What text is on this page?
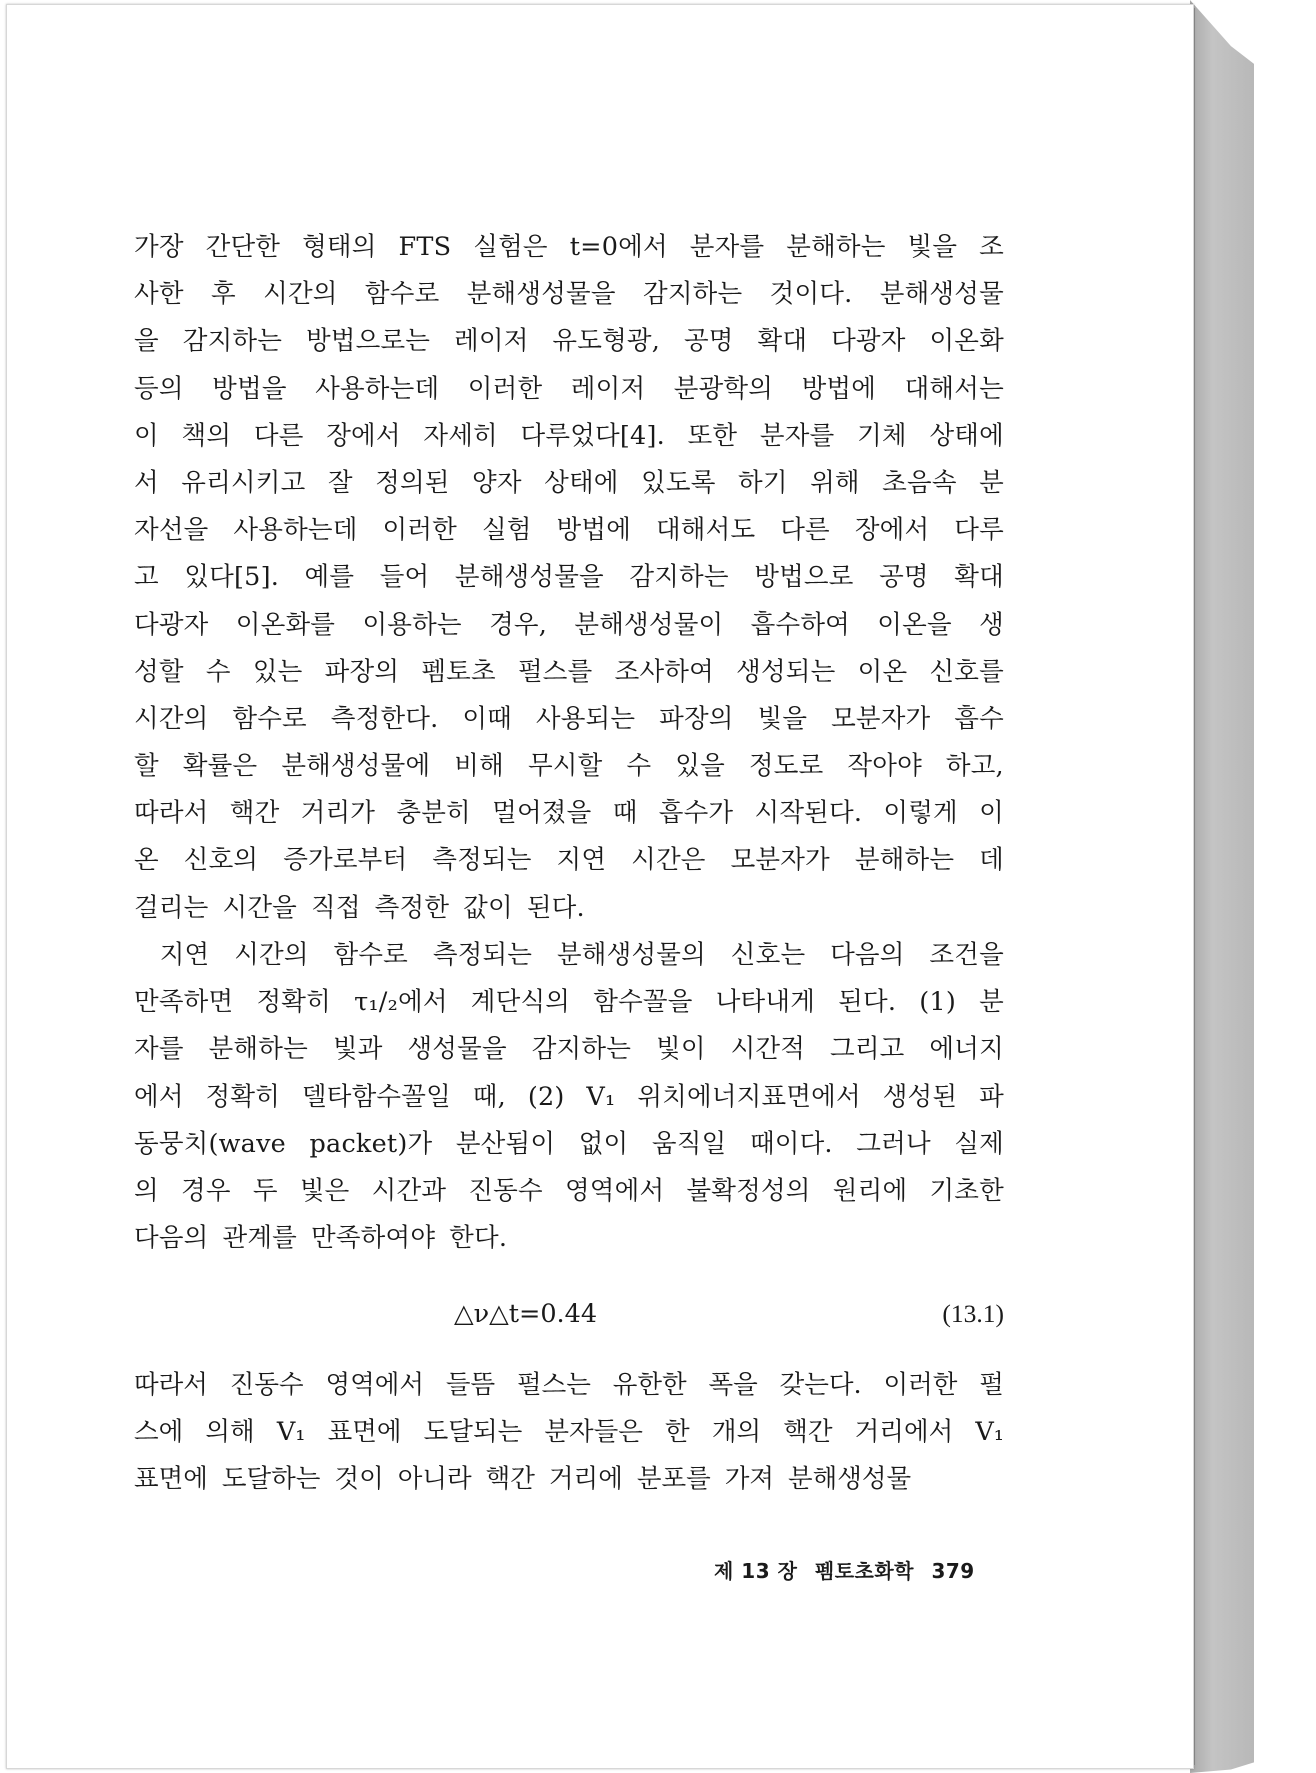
가장 간단한 형태의 FTS 실험은 t=0에서 분자를 분해하는 빛을 조
사한 후 시간의 함수로 분해생성물을 감지하는 것이다. 분해생성물
을 감지하는 방법으로는 레이저 유도형광, 공명 확대 다광자 이온화
등의 방법을 사용하는데 이러한 레이저 분광학의 방법에 대해서는
이 책의 다른 장에서 자세히 다루었다[4]. 또한 분자를 기체 상태에
서 유리시키고 잘 정의된 양자 상태에 있도록 하기 위해 초음속 분
자선을 사용하는데 이러한 실험 방법에 대해서도 다른 장에서 다루
고 있다[5]. 예를 들어 분해생성물을 감지하는 방법으로 공명 확대
다광자 이온화를 이용하는 경우, 분해생성물이 흡수하여 이온을 생
성할 수 있는 파장의 펨토초 펄스를 조사하여 생성되는 이온 신호를
시간의 함수로 측정한다. 이때 사용되는 파장의 빛을 모분자가 흡수
할 확률은 분해생성물에 비해 무시할 수 있을 정도로 작아야 하고,
따라서 핵간 거리가 충분히 멀어졌을 때 흡수가 시작된다. 이렇게 이
온 신호의 증가로부터 측정되는 지연 시간은 모분자가 분해하는 데
걸리는 시간을 직접 측정한 값이 된다.
　지연 시간의 함수로 측정되는 분해생성물의 신호는 다음의 조건을
만족하면 정확히 τ₁/₂에서 계단식의 함수꼴을 나타내게 된다. (1) 분
자를 분해하는 빛과 생성물을 감지하는 빛이 시간적 그리고 에너지
에서 정확히 델타함수꼴일 때, (2) V₁ 위치에너지표면에서 생성된 파
동뭉치(wave packet)가 분산됨이 없이 움직일 때이다. 그러나 실제
의 경우 두 빛은 시간과 진동수 영역에서 불확정성의 원리에 기초한
다음의 관계를 만족하여야 한다.
△ν△t=0.44	(13.1)
따라서 진동수 영역에서 들뜸 펄스는 유한한 폭을 갖는다. 이러한 펄
스에 의해 V₁ 표면에 도달되는 분자들은 한 개의 핵간 거리에서 V₁
표면에 도달하는 것이 아니라 핵간 거리에 분포를 가져 분해생성물
제 13 장 펨토초화학 379
